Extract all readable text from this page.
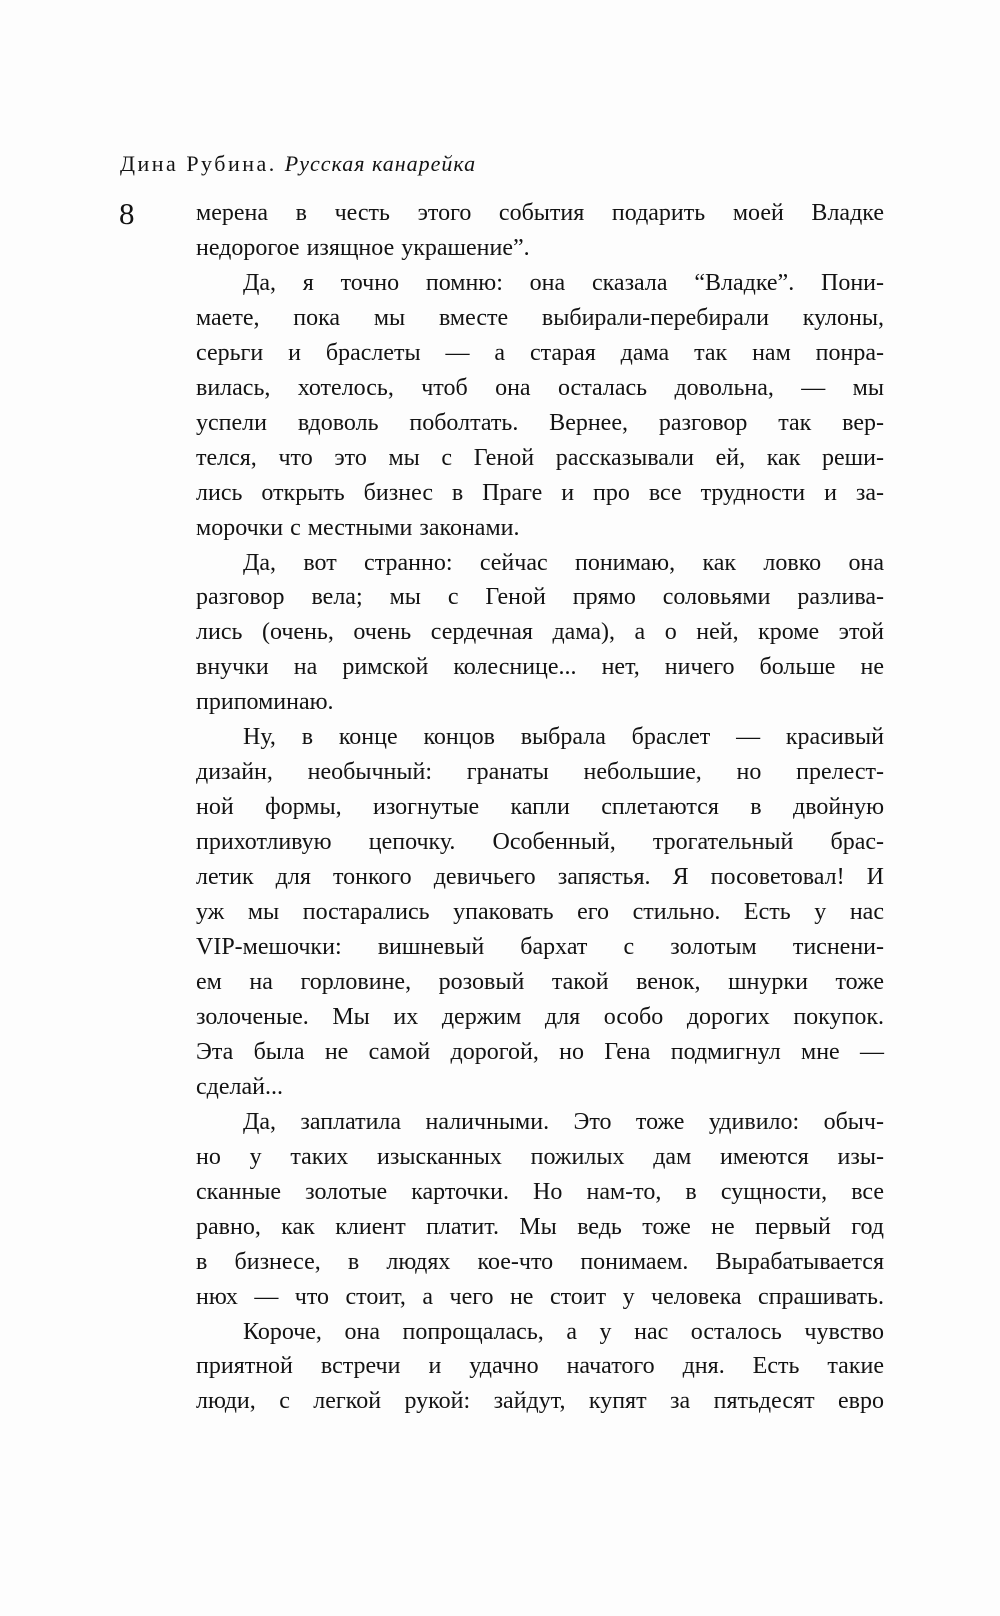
Дина Рубина. Русская канарейка
8	мерена в честь этого события подарить моей Владке
недорогое изящное украшение”.
Да, я точно помню: она сказала “Владке”. Пони-
маете, пока мы вместе выбирали-перебирали кулоны,
серьги и браслеты — а старая дама так нам понра-
вилась, хотелось, чтоб она осталась довольна, — мы
успели вдоволь поболтать. Вернее, разговор так вер-
телся, что это мы с Геной рассказывали ей, как реши-
лись открыть бизнес в Праге и про все трудности и за-
морочки с местными законами.
Да, вот странно: сейчас понимаю, как ловко она
разговор вела; мы с Геной прямо соловьями разлива-
лись (очень, очень сердечная дама), а о ней, кроме этой
внучки на римской колеснице... нет, ничего больше не
припоминаю.
Ну, в конце концов выбрала браслет — красивый
дизайн, необычный: гранаты небольшие, но прелест-
ной формы, изогнутые капли сплетаются в двойную
прихотливую цепочку. Особенный, трогательный брас-
летик для тонкого девичьего запястья. Я посоветовал! И
уж мы постарались упаковать его стильно. Есть у нас
VIP-мешочки: вишневый бархат с золотым тиснени-
ем на горловине, розовый такой венок, шнурки тоже
золоченые. Мы их держим для особо дорогих покупок.
Эта была не самой дорогой, но Гена подмигнул мне —
сделай...
Да, заплатила наличными. Это тоже удивило: обыч-
но у таких изысканных пожилых дам имеются изы-
сканные золотые карточки. Но нам-то, в сущности, все
равно, как клиент платит. Мы ведь тоже не первый год
в бизнесе, в людях кое-что понимаем. Вырабатывается
нюх — что стоит, а чего не стоит у человека спрашивать.
Короче, она попрощалась, а у нас осталось чувство
приятной встречи и удачно начатого дня. Есть такие
люди, с легкой рукой: зайдут, купят за пятьдесят евро
